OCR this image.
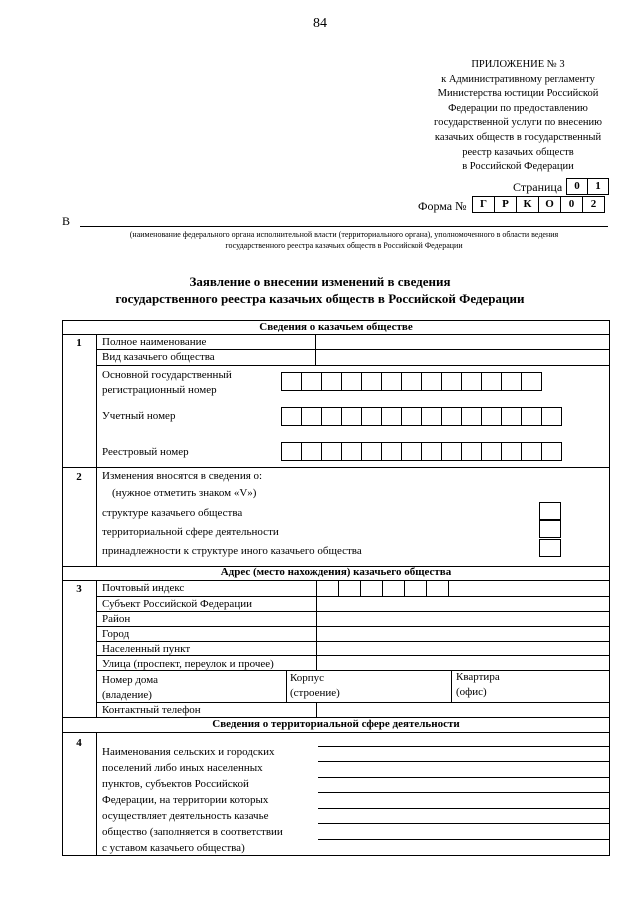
84
ПРИЛОЖЕНИЕ № 3
к Административному регламенту
Министерства юстиции Российской
Федерации по предоставлению
государственной услуги по внесению
казачьих обществ в государственный
реестр казачьих обществ
в Российской Федерации
Страница	0	1
Форма №	Г	Р	К	О	0	2
В
(наименование федерального органа исполнительной власти (территориального органа), уполномоченного в области ведения
государственного реестра казачьих обществ в Российской Федерации
Заявление о внесении изменений в сведения
государственного реестра казачьих обществ в Российской Федерации
Сведения о казачьем обществе
1	Полное наименование
Вид казачьего общества
Основной государственный
регистрационный номер
Учетный номер
Реестровый номер
2	Изменения вносятся в сведения о:
(нужное отметить знаком «V»)
структуре казачьего общества
территориальной сфере деятельности
принадлежности к структуре иного казачьего общества
Адрес (место нахождения) казачьего общества
3	Почтовый индекс
Субъект Российской Федерации
Район
Город
Населенный пункт
Улица (проспект, переулок и прочее)
Номер дома
(владение)
Корпус
(строение)
Квартира
(офис)
Контактный телефон
Сведения о территориальной сфере деятельности
4
Наименования сельских и городских
поселений либо иных населенных
пунктов, субъектов Российской
Федерации, на территории которых
осуществляет деятельность казачье
общество (заполняется в соответствии
с уставом казачьего общества)
